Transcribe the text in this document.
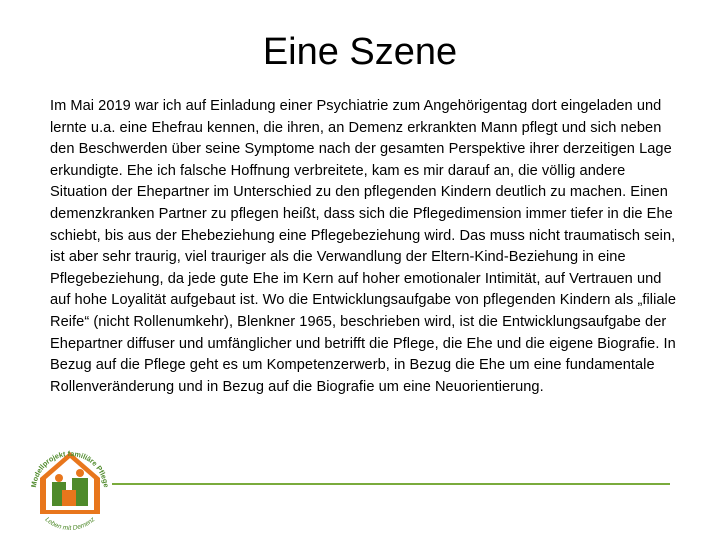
Eine Szene

Im Mai 2019 war ich auf Einladung einer Psychiatrie zum Angehörigentag dort eingeladen und lernte u.a. eine Ehefrau kennen, die ihren, an Demenz erkrankten Mann pflegt und sich neben den Beschwerden über seine Symptome nach der gesamten Perspektive ihrer derzeitigen Lage erkundigte. Ehe ich falsche Hoffnung verbreitete, kam es mir darauf an, die völlig andere Situation der Ehepartner im Unterschied zu den pflegenden Kindern deutlich zu machen. Einen demenzkranken Partner zu pflegen heißt, dass sich die Pflegedimension immer tiefer in die Ehe schiebt, bis aus der Ehebeziehung eine Pflegebeziehung wird. Das muss nicht traumatisch sein, ist aber sehr traurig, viel trauriger als die Verwandlung der Eltern-Kind-Beziehung in eine Pflegebeziehung, da jede gute Ehe im Kern auf hoher emotionaler Intimität, auf Vertrauen und auf hohe Loyalität aufgebaut ist. Wo die Entwicklungsaufgabe von pflegenden Kindern als „filiale Reife“ (nicht Rollenumkehr), Blenkner 1965, beschrieben wird, ist die Entwicklungsaufgabe der Ehepartner diffuser und umfänglicher und betrifft die Pflege, die Ehe und die eigene Biografie. In Bezug auf die Pflege geht es um Kompetenzerwerb, in Bezug die Ehe um eine fundamentale Rollenveränderung und in Bezug auf die Biografie um eine Neuorientierung.

Modellprojekt familiäre Pflege
Leben mit Demenz
